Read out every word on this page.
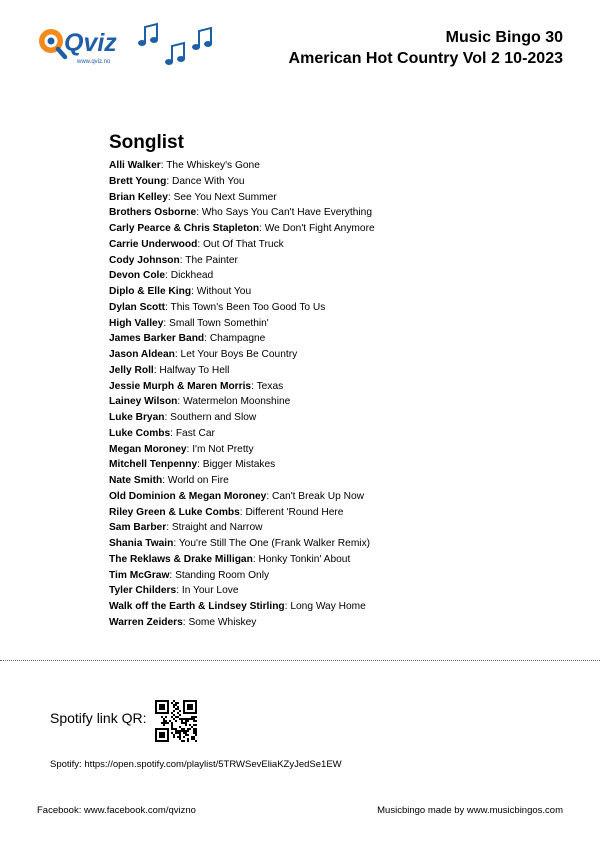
Qviz
www.qviz.no
Music Bingo 30
American Hot Country Vol 2 10-2023
Songlist
Alli Walker: The Whiskey's Gone
Brett Young: Dance With You
Brian Kelley: See You Next Summer
Brothers Osborne: Who Says You Can't Have Everything
Carly Pearce & Chris Stapleton: We Don't Fight Anymore
Carrie Underwood: Out Of That Truck
Cody Johnson: The Painter
Devon Cole: Dickhead
Diplo & Elle King: Without You
Dylan Scott: This Town's Been Too Good To Us
High Valley: Small Town Somethin'
James Barker Band: Champagne
Jason Aldean: Let Your Boys Be Country
Jelly Roll: Halfway To Hell
Jessie Murph & Maren Morris: Texas
Lainey Wilson: Watermelon Moonshine
Luke Bryan: Southern and Slow
Luke Combs: Fast Car
Megan Moroney: I'm Not Pretty
Mitchell Tenpenny: Bigger Mistakes
Nate Smith: World on Fire
Old Dominion & Megan Moroney: Can't Break Up Now
Riley Green & Luke Combs: Different 'Round Here
Sam Barber: Straight and Narrow
Shania Twain: You're Still The One (Frank Walker Remix)
The Reklaws & Drake Milligan: Honky Tonkin' About
Tim McGraw: Standing Room Only
Tyler Childers: In Your Love
Walk off the Earth & Lindsey Stirling: Long Way Home
Warren Zeiders: Some Whiskey
Spotify link QR:
Spotify: https://open.spotify.com/playlist/5TRWSevEliaKZyJedSe1EW
Facebook: www.facebook.com/qvizno	Musicbingo made by www.musicbingos.com
